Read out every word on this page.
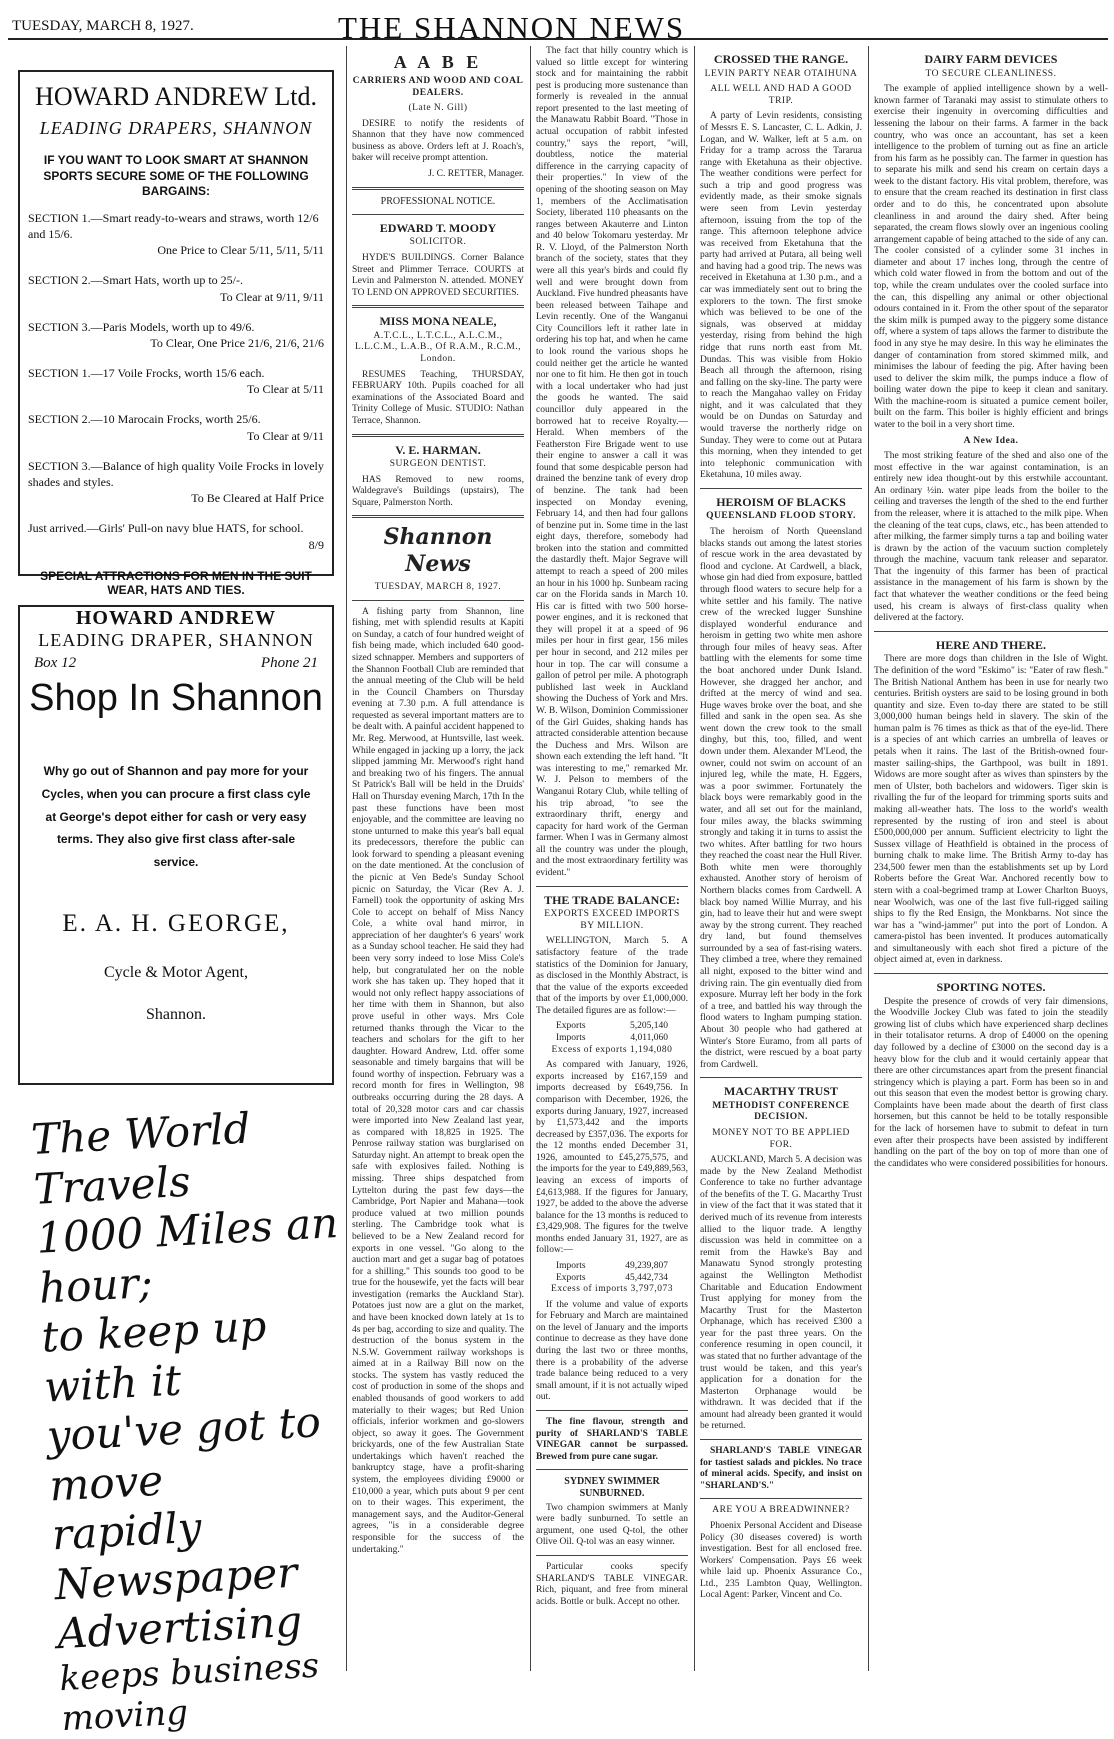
TUESDAY, MARCH 8, 1927.	THE SHANNON NEWS
HOWARD ANDREW Ltd.
LEADING DRAPERS, SHANNON
IF YOU WANT TO LOOK SMART AT SHANNON SPORTS SECURE SOME OF THE FOLLOWING BARGAINS:
SECTION 1.—Smart ready-to-wears and straws, worth 12/6 and 15/6.
One Price to Clear 5/11, 5/11, 5/11
SECTION 2.—Smart Hats, worth up to 25/-.
To Clear at 9/11, 9/11
SECTION 3.—Paris Models, worth up to 49/6.
To Clear, One Price 21/6, 21/6, 21/6
SECTION 1.—17 Voile Frocks, worth 15/6 each.
To Clear at 5/11
SECTION 2.—10 Marocain Frocks, worth 25/6.
To Clear at 9/11
SECTION 3.—Balance of high quality Voile Frocks in lovely shades and styles.
To Be Cleared at Half Price
Just arrived.—Girls' Pull-on navy blue HATS, for school.
8/9
SPECIAL ATTRACTIONS FOR MEN IN THE SUIT WEAR, HATS AND TIES.
HOWARD ANDREW
LEADING DRAPER, SHANNON
Box 12	Phone 21
Shop In Shannon
Why go out of Shannon and pay more for your Cycles, when you can procure a first class cyle at George's depot either for cash or very easy terms. They also give first class after-sale service.
E. A. H. GEORGE,
Cycle & Motor Agent,
Shannon.
The World Travels
1000 Miles an hour;
to keep up with it
you've got to move
rapidly
Newspaper
Advertising
keeps business moving
A A B E
CARRIERS AND WOOD AND COAL DEALERS.
(Late N. Gill)

DESIRE to notify the residents of Shannon that they have now commenced business as above. Orders left at J. Roach's, baker will receive prompt attention.

J. C. RETTER, Manager.
PROFESSIONAL NOTICE.
EDWARD T. MOODY
SOLICITOR.

HYDE'S BUILDINGS. Corner Balance Street and Plimmer Terrace. COURTS at Levin and Palmerston N. attended. MONEY TO LEND ON APPROVED SECURITIES.

MISS MONA NEALE,
A.T.C.L., L.T.C.L., A.L.C.M., L.L.C.M., L.A.B., Of R.A.M., R.C.M., London.

RESUMES Teaching, THURSDAY, FEBRUARY 10th. Pupils coached for all examinations of the Associated Board and Trinity College of Music. STUDIO: Nathan Terrace, Shannon.

V. E. HARMAN.
SURGEON DENTIST.

HAS Removed to new rooms, Waldegrave's Buildings (upstairs), The Square, Palmerston North.

Shannon News
TUESDAY, MARCH 8, 1927.

A fishing party from Shannon, line fishing, met with splendid results at Kapiti on Sunday, a catch of four hundred weight of fish being made, which included 640 good-sized schnapper. Members and supporters of the Shannon Football Club are reminded that the annual meeting of the Club will be held in the Council Chambers on Thursday evening at 7.30 p.m. A full attendance is requested as several important matters are to be dealt with. A painful accident happened to Mr. Reg. Merwood, at Huntsville, last week. While engaged in jacking up a lorry, the jack slipped jamming Mr. Merwood's right hand and breaking two of his fingers. The annual St Patrick's Ball will be held in the Druids' Hall on Thursday evening March, 17th In the past these functions have been most enjoyable, and the committee are leaving no stone unturned to make this year's ball equal its predecessors, therefore the public can look forward to spending a pleasant evening on the date mentioned. At the conclusion of the picnic at Ven Bede's Sunday School picnic on Saturday, the Vicar (Rev A. J. Farnell) took the opportunity of asking Mrs Cole to accept on behalf of Miss Nancy Cole, a white oval hand mirror, in appreciation of her daughter's 6 years' work as a Sunday school teacher. He said they had been very sorry indeed to lose Miss Cole's help, but congratulated her on the noble work she has taken up. They hoped that it would not only reflect happy associations of her time with them in Shannon, but also prove useful in other ways. Mrs Cole returned thanks through the Vicar to the teachers and scholars for the gift to her daughter. Howard Andrew, Ltd. offer some seasonable and timely bargains that will be found worthy of inspection. February was a record month for fires in Wellington, 98 outbreaks occurring during the 28 days. A total of 20,328 motor cars and car chassis were imported into New Zealand last year, as compared with 18,825 in 1925. The Penrose railway station was burglarised on Saturday night. An attempt to break open the safe with explosives failed. Nothing is missing. Three ships despatched from Lyttelton during the past few days—the Cambridge, Port Napier and Mahana—took produce valued at two million pounds sterling. The Cambridge took what is believed to be a New Zealand record for exports in one vessel. "Go along to the auction mart and get a sugar bag of potatoes for a shilling." This sounds too good to be true for the housewife, yet the facts will bear investigation (remarks the Auckland Star). Potatoes just now are a glut on the market, and have been knocked down lately at 1s to 4s per bag, according to size and quality. The destruction of the bonus system in the N.S.W. Government railway workshops is aimed at in a Railway Bill now on the stocks. The system has vastly reduced the cost of production in some of the shops and enabled thousands of good workers to add materially to their wages; but Red Union officials, inferior workmen and go-slowers object, so away it goes. The Government brickyards, one of the few Australian State undertakings which haven't reached the bankruptcy stage, have a profit-sharing system, the employees dividing £9000 or £10,000 a year, which puts about 9 per cent on to their wages. This experiment, the management says, and the Auditor-General agrees, "is in a considerable degree responsible for the success of the undertaking."

The fact that hilly country which is valued so little except for wintering stock and for maintaining the rabbit pest is producing more sustenance than formerly is revealed in the annual report presented to the last meeting of the Manawatu Rabbit Board. "Those in actual occupation of rabbit infested country," says the report, "will, doubtless, notice the material difference in the carrying capacity of their properties." In view of the opening of the shooting season on May 1, members of the Acclimatisation Society, liberated 110 pheasants on the ranges between Akauterre and Linton and 40 below Tokomaru yesterday. Mr R. V. Lloyd, of the Palmerston North branch of the society, states that they were all this year's birds and could fly well and were brought down from Auckland. Five hundred pheasants have been released between Taihape and Levin recently. One of the Wanganui City Councillors left it rather late in ordering his top hat, and when he came to look round the various shops he could neither get the article he wanted nor one to fit him. He then got in touch with a local undertaker who had just the goods he wanted. The said councillor duly appeared in the borrowed hat to receive Royalty.—Herald. When members of the Featherston Fire Brigade went to use their engine to answer a call it was found that some despicable person had drained the benzine tank of every drop of benzine. The tank had been inspected on Monday evening, February 14, and then had four gallons of benzine put in. Some time in the last eight days, therefore, somebody had broken into the station and committed the dastardly theft. Major Segrave will attempt to reach a speed of 200 miles an hour in his 1000 hp. Sunbeam racing car on the Florida sands in March 10. His car is fitted with two 500 horse-power engines, and it is reckoned that they will propel it at a speed of 96 miles per hour in first gear, 156 miles per hour in second, and 212 miles per hour in top. The car will consume a gallon of petrol per mile. A photograph published last week in Auckland showing the Duchess of York and Mrs. W. B. Wilson, Dominion Commissioner of the Girl Guides, shaking hands has attracted considerable attention because the Duchess and Mrs. Wilson are shown each extending the left hand. "It was interesting to me," remarked Mr. W. J. Pelson to members of the Wanganui Rotary Club, while telling of his trip abroad, "to see the extraordinary thrift, energy and capacity for hard work of the German farmer. When I was in Germany almost all the country was under the plough, and the most extraordinary fertility was evident."

THE TRADE BALANCE:
EXPORTS EXCEED IMPORTS BY MILLION.

WELLINGTON, March 5. A satisfactory feature of the trade statistics of the Dominion for January, as disclosed in the Monthly Abstract, is that the value of the exports exceeded that of the imports by over £1,000,000. The detailed figures are as follow:—

Exports	5,205,140
Imports	4,011,060
Excess of exports 1,194,080

As compared with January, 1926, exports increased by £167,159 and imports decreased by £649,756. In comparison with December, 1926, the exports during January, 1927, increased by £1,573,442 and the imports decreased by £357,036. The exports for the 12 months ended December 31, 1926, amounted to £45,275,575, and the imports for the year to £49,889,563, leaving an excess of imports of £4,613,988. If the figures for January, 1927, be added to the above the adverse balance for the 13 months is reduced to £3,429,908. The figures for the twelve months ended January 31, 1927, are as follow:—

Imports	49,239,807
Exports	45,442,734
Excess of imports 3,797,073

If the volume and value of exports for February and March are maintained on the level of January and the imports continue to decrease as they have done during the last two or three months, there is a probability of the adverse trade balance being reduced to a very small amount, if it is not actually wiped out.

The fine flavour, strength and purity of SHARLAND'S TABLE VINEGAR cannot be surpassed. Brewed from pure cane sugar.

SYDNEY SWIMMER SUNBURNED.

Two champion swimmers at Manly were badly sunburned. To settle an argument, one used Q-tol, the other Olive Oil. Q-tol was an easy winner.

Particular cooks specify SHARLAND'S TABLE VINEGAR. Rich, piquant, and free from mineral acids. Bottle or bulk. Accept no other.

CROSSED THE RANGE.
LEVIN PARTY NEAR OTAIHUNA
ALL WELL AND HAD A GOOD TRIP.

A party of Levin residents, consisting of Messrs E. S. Lancaster, C. L. Adkin, J. Logan, and W. Walker, left at 5 a.m. on Friday for a tramp across the Tararua range with Eketahuna as their objective. The weather conditions were perfect for such a trip and good progress was evidently made, as their smoke signals were seen from Levin yesterday afternoon, issuing from the top of the range. This afternoon telephone advice was received from Eketahuna that the party had arrived at Putara, all being well and having had a good trip. The news was received in Eketahuna at 1.30 p.m., and a car was immediately sent out to bring the explorers to the town. The first smoke which was believed to be one of the signals, was observed at midday yesterday, rising from behind the high ridge that runs north east from Mt. Dundas. This was visible from Hokio Beach all through the afternoon, rising and falling on the sky-line. The party were to reach the Mangahao valley on Friday night, and it was calculated that they would be on Dundas on Saturday and would traverse the northerly ridge on Sunday. They were to come out at Putara this morning, when they intended to get into telephonic communication with Eketahuna, 10 miles away.

HEROISM OF BLACKS
QUEENSLAND FLOOD STORY.

The heroism of North Queensland blacks stands out among the latest stories of rescue work in the area devastated by flood and cyclone. At Cardwell, a black, whose gin had died from exposure, battled through flood waters to secure help for a white settler and his family. The native crew of the wrecked lugger Sunshine displayed wonderful endurance and heroism in getting two white men ashore through four miles of heavy seas. After battling with the elements for some time the boat anchored under Dunk Island. However, she dragged her anchor, and drifted at the mercy of wind and sea. Huge waves broke over the boat, and she filled and sank in the open sea. As she went down the crew took to the small dinghy, but this, too, filled, and went down under them. Alexander M'Leod, the owner, could not swim on account of an injured leg, while the mate, H. Eggers, was a poor swimmer. Fortunately the black boys were remarkably good in the water, and all set out for the mainland, four miles away, the blacks swimming strongly and taking it in turns to assist the two whites. After battling for two hours they reached the coast near the Hull River. Both white men were thoroughly exhausted. Another story of heroism of Northern blacks comes from Cardwell. A black boy named Willie Murray, and his gin, had to leave their hut and were swept away by the strong current. They reached dry land, but found themselves surrounded by a sea of fast-rising waters. They climbed a tree, where they remained all night, exposed to the bitter wind and driving rain. The gin eventually died from exposure. Murray left her body in the fork of a tree, and battled his way through the flood waters to Ingham pumping station. About 30 people who had gathered at Winter's Store Euramo, from all parts of the district, were rescued by a boat party from Cardwell.

MACARTHY TRUST
METHODIST CONFERENCE DECISION.
MONEY NOT TO BE APPLIED FOR.

AUCKLAND, March 5. A decision was made by the New Zealand Methodist Conference to take no further advantage of the benefits of the T. G. Macarthy Trust in view of the fact that it was stated that it derived much of its revenue from interests allied to the liquor trade. A lengthy discussion was held in committee on a remit from the Hawke's Bay and Manawatu Synod strongly protesting against the Wellington Methodist Charitable and Education Endowment Trust applying for money from the Macarthy Trust for the Masterton Orphanage, which has received £300 a year for the past three years. On the conference resuming in open council, it was stated that no further advantage of the trust would be taken, and this year's application for a donation for the Masterton Orphanage would be withdrawn. It was decided that if the amount had already been granted it would be returned.

SHARLAND'S TABLE VINEGAR for tastiest salads and pickles. No trace of mineral acids. Specify, and insist on "SHARLAND'S."

ARE YOU A BREADWINNER?

Phoenix Personal Accident and Disease Policy (30 diseases covered) is worth investigation. Best for all enclosed free. Workers' Compensation. Pays £6 week while laid up. Phoenix Assurance Co., Ltd., 235 Lambton Quay, Wellington. Local Agent: Parker, Vincent and Co.

DAIRY FARM DEVICES
TO SECURE CLEANLINESS.

The example of applied intelligence shown by a well-known farmer of Taranaki may assist to stimulate others to exercise their ingenuity in overcoming difficulties and lessening the labour on their farms. A farmer in the back country, who was once an accountant, has set a keen intelligence to the problem of turning out as fine an article from his farm as he possibly can. The farmer in question has to separate his milk and send his cream on certain days a week to the distant factory. His vital problem, therefore, was to ensure that the cream reached its destination in first class order and to do this, he concentrated upon absolute cleanliness in and around the dairy shed. After being separated, the cream flows slowly over an ingenious cooling arrangement capable of being attached to the side of any can. The cooler consisted of a cylinder some 31 inches in diameter and about 17 inches long, through the centre of which cold water flowed in from the bottom and out of the top, while the cream undulates over the cooled surface into the can, this dispelling any animal or other objectional odours contained in it. From the other spout of the separator the skim milk is pumped away to the piggery some distance off, where a system of taps allows the farmer to distribute the food in any stye he may desire. In this way he eliminates the danger of contamination from stored skimmed milk, and minimises the labour of feeding the pig. After having been used to deliver the skim milk, the pumps induce a flow of boiling water down the pipe to keep it clean and sanitary. With the machine-room is situated a pumice cement boiler, built on the farm. This boiler is highly efficient and brings water to the boil in a very short time.

A New Idea.

The most striking feature of the shed and also one of the most effective in the war against contamination, is an entirely new idea thought-out by this erstwhile accountant. An ordinary ½in. water pipe leads from the boiler to the ceiling and traverses the length of the shed to the end further from the releaser, where it is attached to the milk pipe. When the cleaning of the teat cups, claws, etc., has been attended to after milking, the farmer simply turns a tap and boiling water is drawn by the action of the vacuum suction completely through the machine, vacuum tank releaser and separator. That the ingenuity of this farmer has been of practical assistance in the management of his farm is shown by the fact that whatever the weather conditions or the feed being used, his cream is always of first-class quality when delivered at the factory.

HERE AND THERE.

There are more dogs than children in the Isle of Wight. The definition of the word "Eskimo" is: "Eater of raw flesh." The British National Anthem has been in use for nearly two centuries. British oysters are said to be losing ground in both quantity and size. Even to-day there are stated to be still 3,000,000 human beings held in slavery. The skin of the human palm is 76 times as thick as that of the eye-lid. There is a species of ant which carries an umbrella of leaves or petals when it rains. The last of the British-owned four-master sailing-ships, the Garthpool, was built in 1891. Widows are more sought after as wives than spinsters by the men of Ulster, both bachelors and widowers. Tiger skin is rivalling the fur of the leopard for trimming sports suits and making all-weather hats. The loss to the world's wealth represented by the rusting of iron and steel is about £500,000,000 per annum. Sufficient electricity to light the Sussex village of Heathfield is obtained in the process of burning chalk to make lime. The British Army to-day has 234,500 fewer men than the establishments set up by Lord Roberts before the Great War. Anchored recently bow to stern with a coal-begrimed tramp at Lower Charlton Buoys, near Woolwich, was one of the last five full-rigged sailing ships to fly the Red Ensign, the Monkbarns. Not since the war has a "wind-jammer" put into the port of London. A camera-pistol has been invented. It produces automatically and simultaneously with each shot fired a picture of the object aimed at, even in darkness.

SPORTING NOTES.

Despite the presence of crowds of very fair dimensions, the Woodville Jockey Club was fated to join the steadily growing list of clubs which have experienced sharp declines in their totalisator returns. A drop of £4000 on the opening day followed by a decline of £3000 on the second day is a heavy blow for the club and it would certainly appear that there are other circumstances apart from the present financial stringency which is playing a part. Form has been so in and out this season that even the modest bettor is growing chary. Complaints have been made about the dearth of first class horsemen, but this cannot be held to be totally responsible for the lack of horsemen have to submit to defeat in turn even after their prospects have been assisted by indifferent handling on the part of the boy on top of more than one of the candidates who were considered possibilities for honours.
